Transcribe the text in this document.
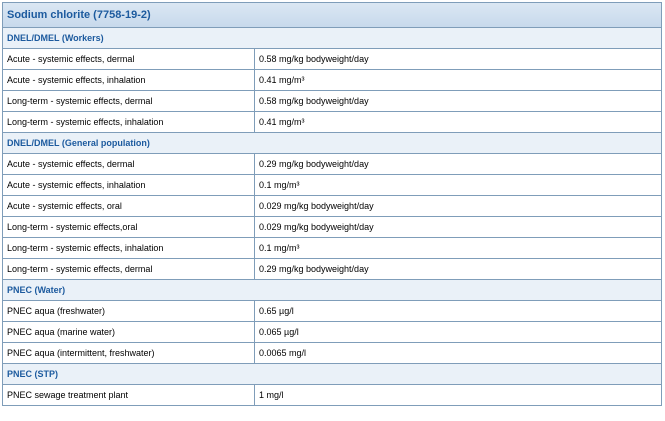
Sodium chlorite (7758-19-2)
DNEL/DMEL (Workers)
Acute - systemic effects, dermal	0.58 mg/kg bodyweight/day
Acute - systemic effects, inhalation	0.41 mg/m³
Long-term - systemic effects, dermal	0.58 mg/kg bodyweight/day
Long-term - systemic effects, inhalation	0.41 mg/m³
DNEL/DMEL (General population)
Acute - systemic effects, dermal	0.29 mg/kg bodyweight/day
Acute - systemic effects, inhalation	0.1 mg/m³
Acute - systemic effects, oral	0.029 mg/kg bodyweight/day
Long-term - systemic effects,oral	0.029 mg/kg bodyweight/day
Long-term - systemic effects, inhalation	0.1 mg/m³
Long-term - systemic effects, dermal	0.29 mg/kg bodyweight/day
PNEC (Water)
PNEC aqua (freshwater)	0.65 µg/l
PNEC aqua (marine water)	0.065 µg/l
PNEC aqua (intermittent, freshwater)	0.0065 mg/l
PNEC (STP)
PNEC sewage treatment plant	1 mg/l
